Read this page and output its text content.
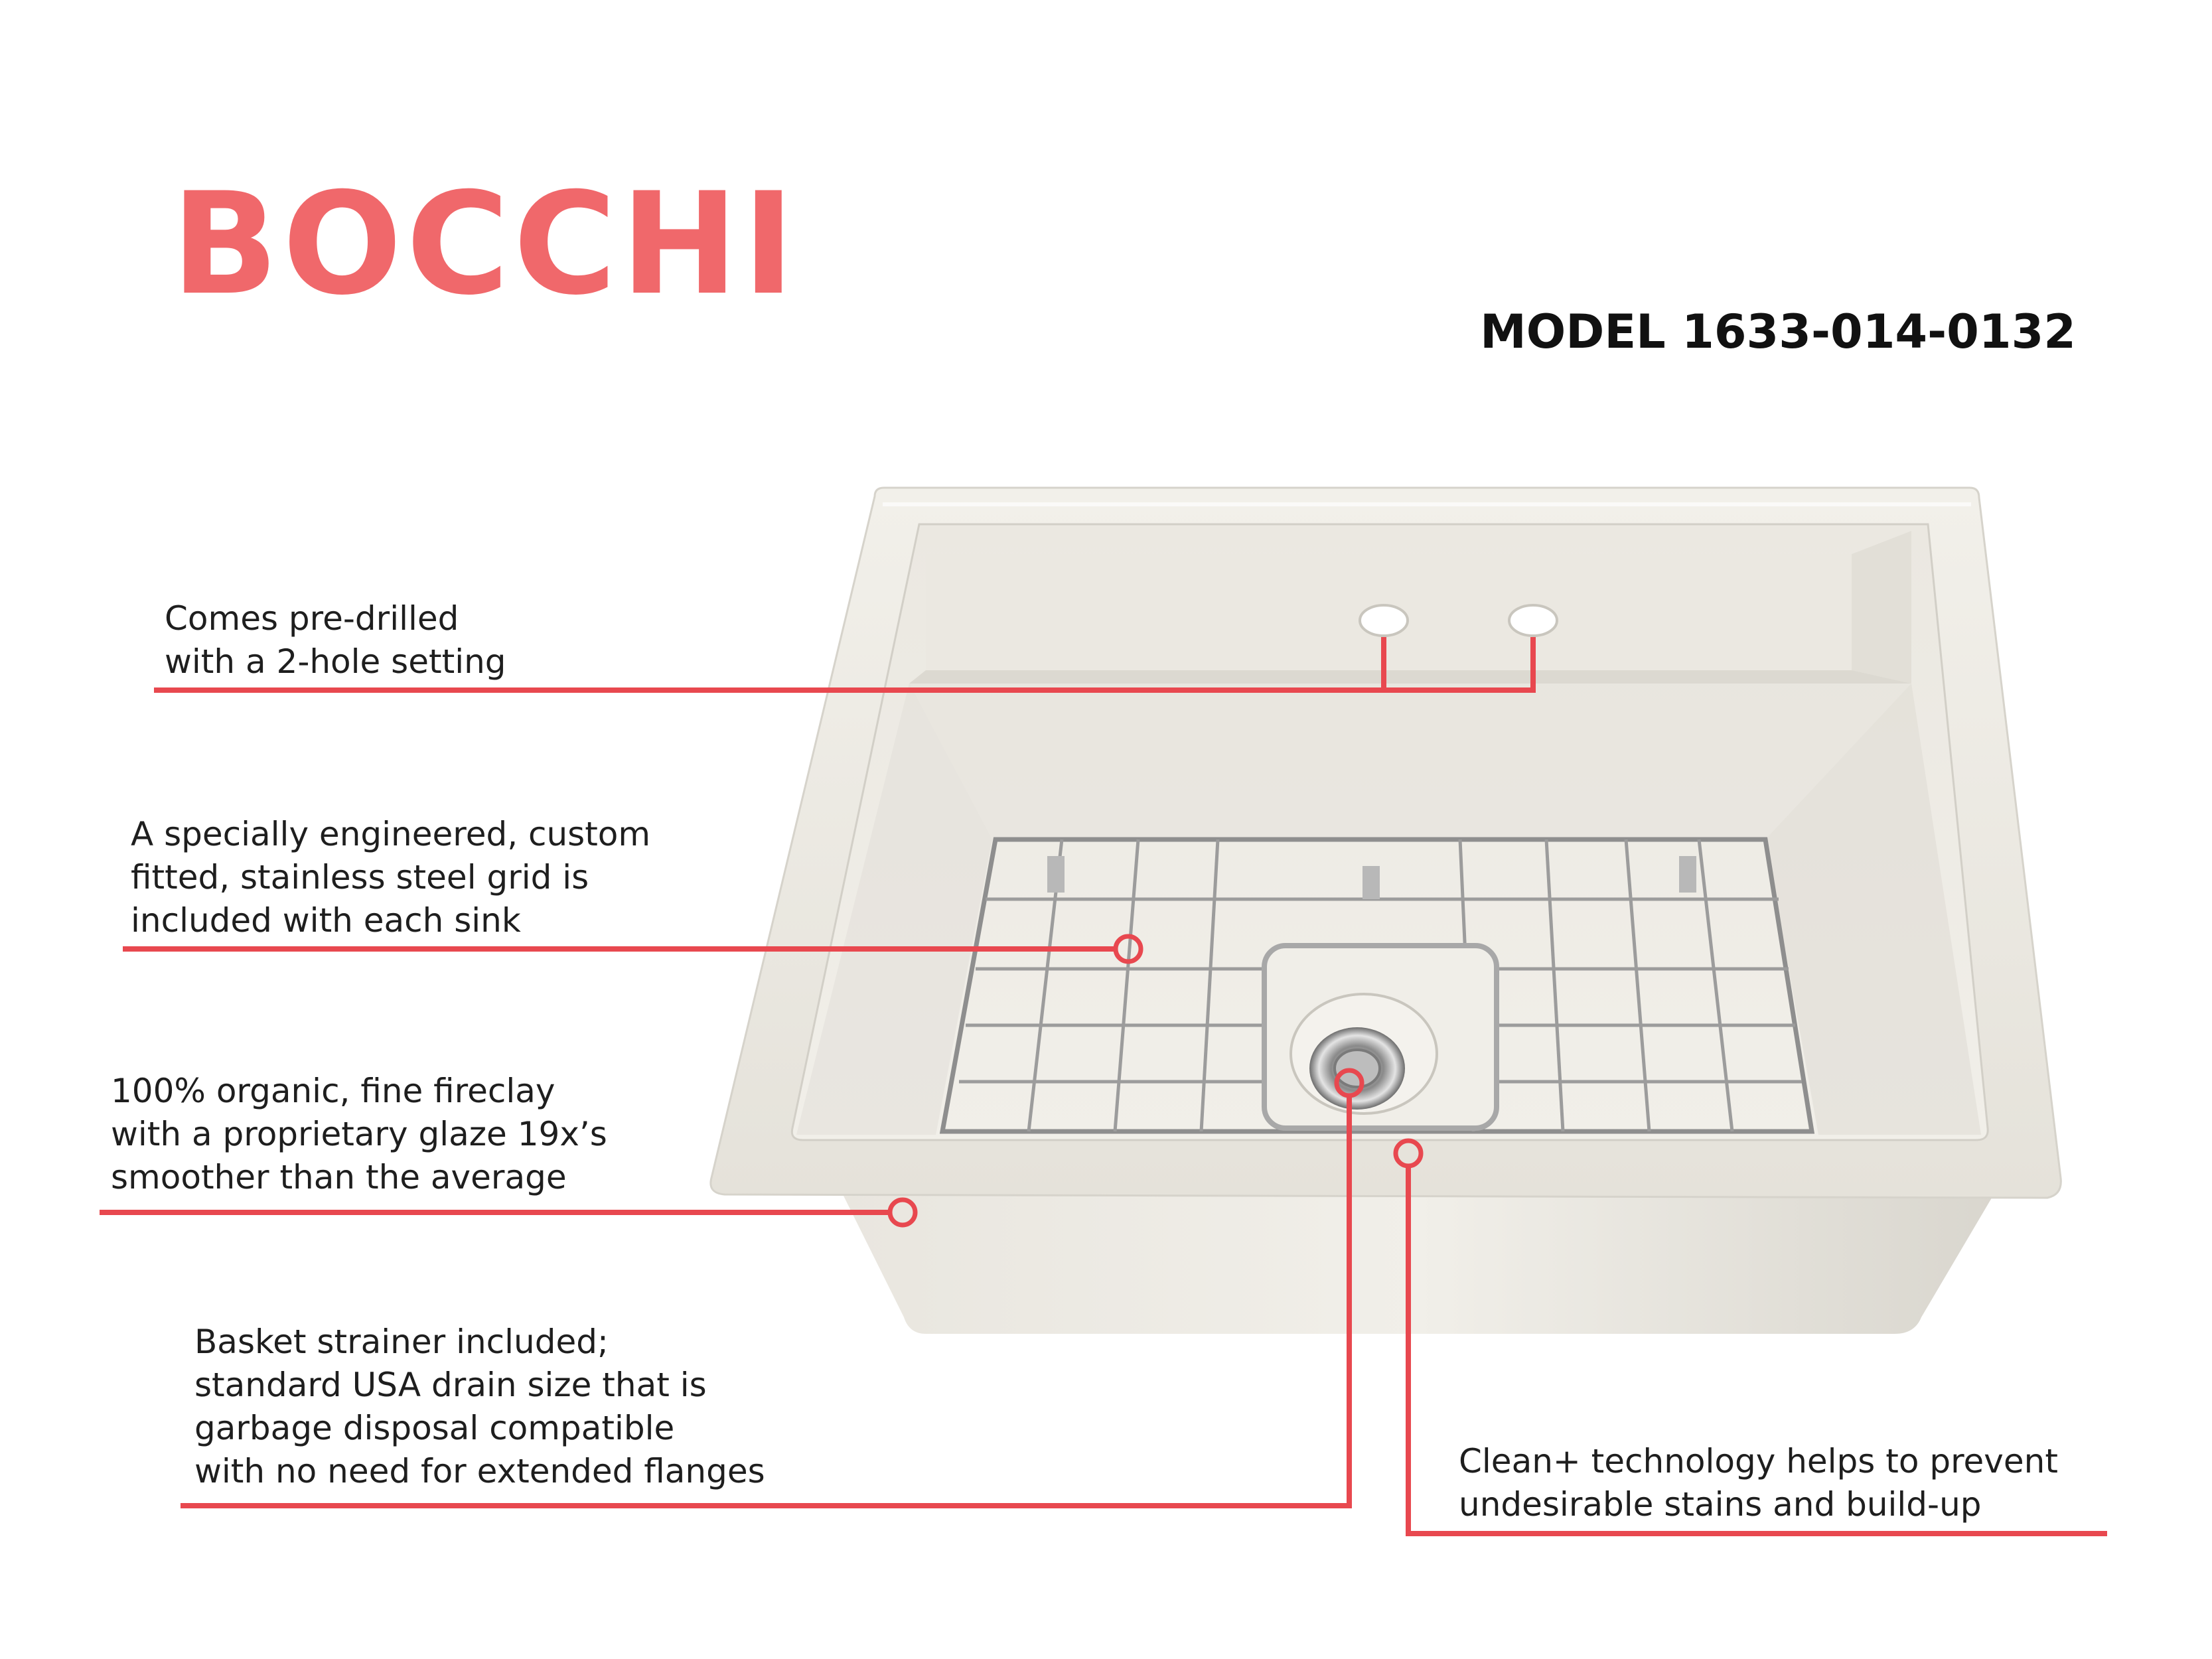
BOCCHI
MODEL 1633-014-0132
Comes pre-drilled
with a 2-hole setting
A specially engineered, custom
fitted, stainless steel grid is
included with each sink
100% organic, fine fireclay
with a proprietary glaze 19x’s
smoother than the average
Basket strainer included;
standard USA drain size that is
garbage disposal compatible
with no need for extended flanges	Clean+ technology helps to prevent
undesirable stains and build-up
